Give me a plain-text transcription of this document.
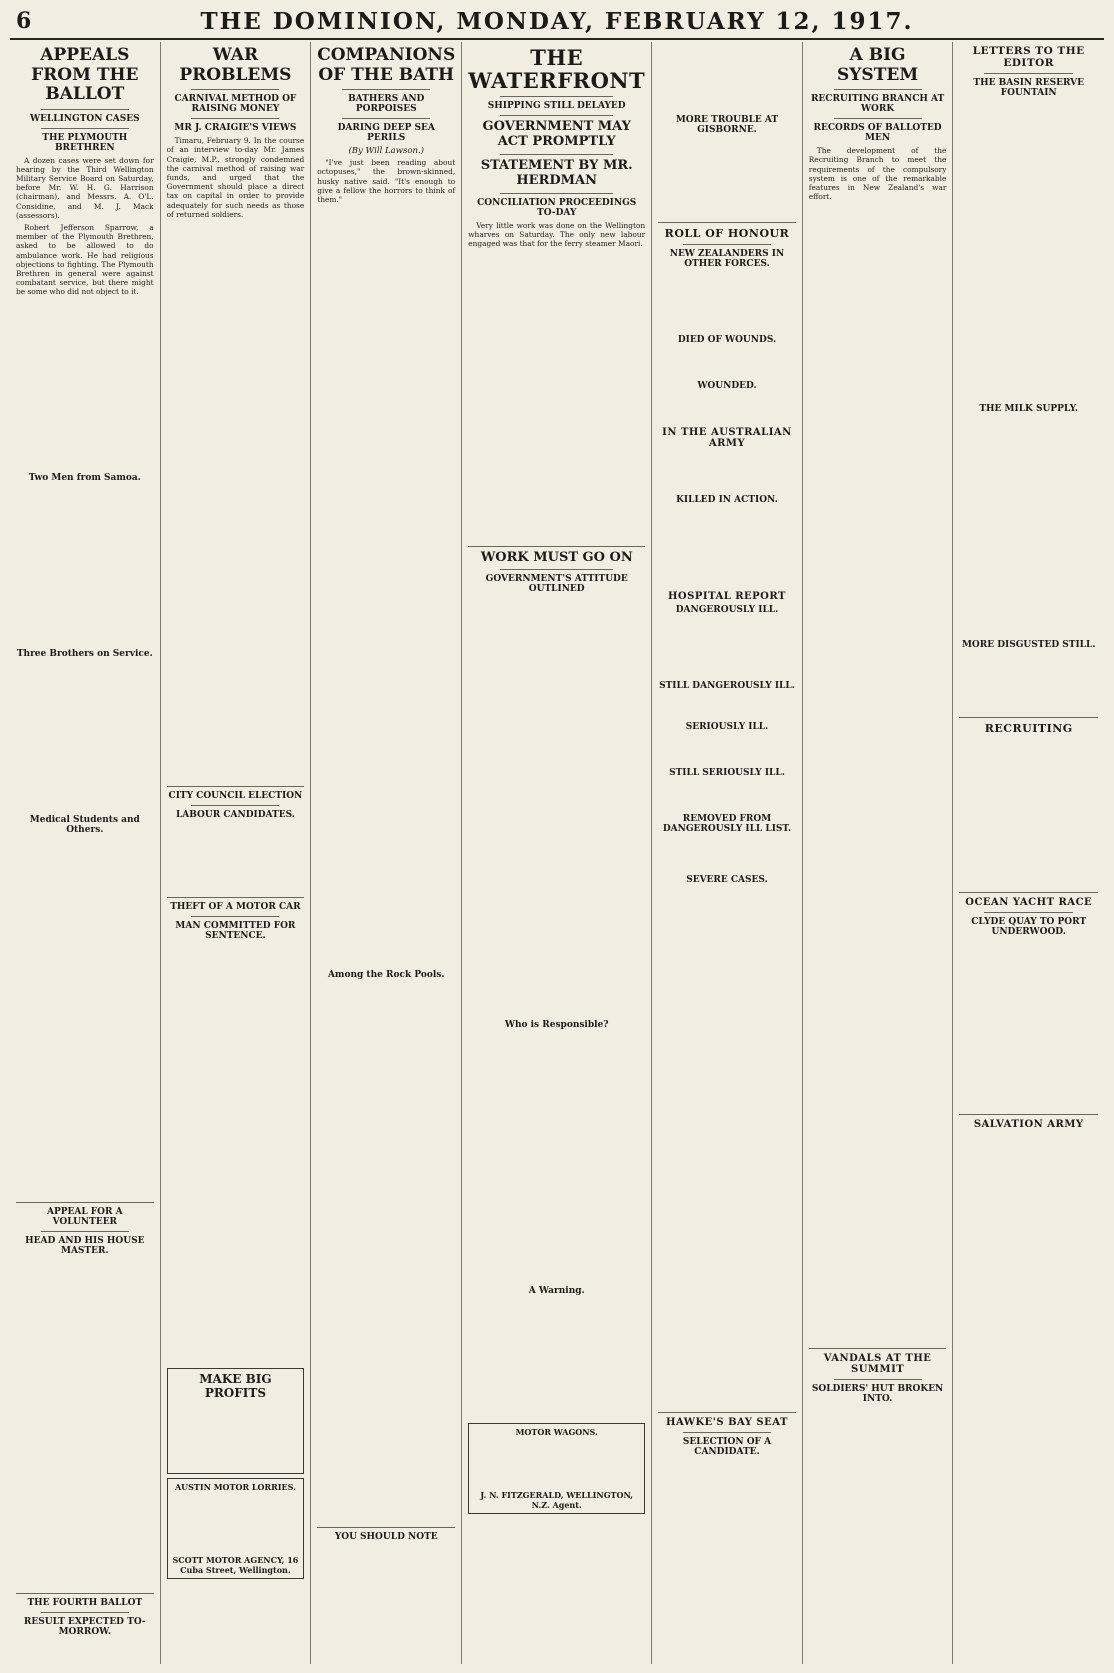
6	THE DOMINION, MONDAY, FEBRUARY 12, 1917.
APPEALS FROM THE BALLOT
WELLINGTON CASES
THE PLYMOUTH BRETHREN

A dozen cases were set down for hearing by the Third Wellington Military Service Board on Saturday, before Mr. W. H. G. Harrison (chairman), and Messrs. A. O'L. Considine, and M. J. Mack (assessors).

Robert Jefferson Sparrow, a member of the Plymouth Brethren, asked to be allowed to do ambulance work. He had religious objections to fighting. The Plymouth Brethren in general were against combatant service, but there might be some who did not object to it.

Two Men from Samoa.
Three Brothers on Service.
Medical Students and Others.
APPEAL FOR A VOLUNTEER
HEAD AND HIS HOUSE MASTER.
THE FOURTH BALLOT
RESULT EXPECTED TO-MORROW.
WAR PROBLEMS
CARNIVAL METHOD OF RAISING MONEY
MR J. CRAIGIE'S VIEWS

Timaru, February 9. In the course of an interview to-day Mr. James Craigie, M.P., strongly condemned the carnival method of raising war funds, and urged that the Government should place a direct tax on capital in order to provide adequately for such needs as those of returned soldiers.

CITY COUNCIL ELECTION
LABOUR CANDIDATES.
THEFT OF A MOTOR CAR
MAN COMMITTED FOR SENTENCE.
MAKE BIG PROFITS
AUSTIN MOTOR LORRIES.
SCOTT MOTOR AGENCY, 16 Cuba Street, Wellington.
COMPANIONS OF THE BATH
BATHERS AND PORPOISES
DARING DEEP SEA PERILS
(By Will Lawson.)

"I've just been reading about octopuses," the brown-skinned, husky native said. "It's enough to give a fellow the horrors to think of them."

Among the Rock Pools.
YOU SHOULD NOTE
THE WATERFRONT
SHIPPING STILL DELAYED
GOVERNMENT MAY ACT PROMPTLY
STATEMENT BY MR. HERDMAN
CONCILIATION PROCEEDINGS TO-DAY

Very little work was done on the Wellington wharves on Saturday. The only new labour engaged was that for the ferry steamer Maori.

WORK MUST GO ON
GOVERNMENT'S ATTITUDE OUTLINED
Who is Responsible?
A Warning.
MOTOR WAGONS.
J. N. FITZGERALD, WELLINGTON, N.Z. Agent.
MORE TROUBLE AT GISBORNE.
ROLL OF HONOUR
NEW ZEALANDERS IN OTHER FORCES.
DIED OF WOUNDS.
WOUNDED.
IN THE AUSTRALIAN ARMY
KILLED IN ACTION.
HOSPITAL REPORT
DANGEROUSLY ILL.
STILL DANGEROUSLY ILL.
SERIOUSLY ILL.
STILL SERIOUSLY ILL.
REMOVED FROM DANGEROUSLY ILL LIST.
SEVERE CASES.
HAWKE'S BAY SEAT
SELECTION OF A CANDIDATE.
A BIG SYSTEM
RECRUITING BRANCH AT WORK
RECORDS OF BALLOTED MEN

The development of the Recruiting Branch to meet the requirements of the compulsory system is one of the remarkable features in New Zealand's war effort.

VANDALS AT THE SUMMIT
SOLDIERS' HUT BROKEN INTO.
LETTERS TO THE EDITOR
THE BASIN RESERVE FOUNTAIN
THE MILK SUPPLY.
MORE DISGUSTED STILL.
RECRUITING
OCEAN YACHT RACE
CLYDE QUAY TO PORT UNDERWOOD.
SALVATION ARMY
